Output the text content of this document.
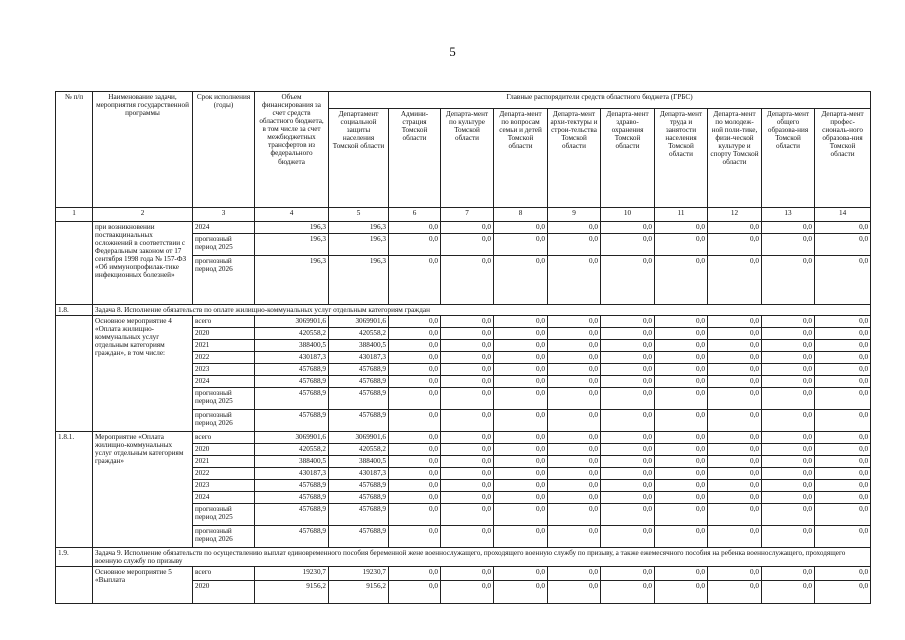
5
№ п/п	Наименование задачи, мероприятия государственной программы	Срок исполнения (годы)	Объем финансирования за счет средств областного бюджета, в том числе за счет межбюджетных трансфертов из федерального бюджета	Главные распорядители средств областного бюджета (ГРБС)									
				Департамент социальной защиты населения Томской области	Админи-страция Томской области	Департа-мент по культуре Томской области	Департа-мент по вопросам семьи и детей Томской области	Департа-мент архи-тектуры и строи-тельства Томской области	Департа-мент здраво-охранения Томской области	Департа-мент труда и занятости населения Томской области	Департа-мент по молодеж-ной поли-тике, физи-ческой культуре и спорту Томской области	Департа-мент общего образова-ния Томской области	Департа-мент профес-сиональ-ного образова-ния Томской области
1	2	3	4	5	6	7	8	9	10	11	12	13	14
	при возникновении поствакцинальных осложнений в соответствии с Федеральным законом от 17 сентября 1998 года № 157-ФЗ «Об иммунопрофилак-тике инфекционных болезней»	2024	196,3	196,3	0,0	0,0	0,0	0,0	0,0	0,0	0,0	0,0	0,0
		прогнозный период 2025	196,3	196,3	0,0	0,0	0,0	0,0	0,0	0,0	0,0	0,0	0,0
		прогнозный период 2026	196,3	196,3	0,0	0,0	0,0	0,0	0,0	0,0	0,0	0,0	0,0
1.8.	Задача 8. Исполнение обязательств по оплате жилищно-коммунальных услуг отдельным категориям граждан												
	Основное мероприятие 4 «Оплата жилищно-коммунальных услуг отдельным категориям граждан», в том числе:	всего	3069901,6	3069901,6	0,0	0,0	0,0	0,0	0,0	0,0	0,0	0,0	0,0
		2020	420558,2	420558,2	0,0	0,0	0,0	0,0	0,0	0,0	0,0	0,0	0,0
		2021	388400,5	388400,5	0,0	0,0	0,0	0,0	0,0	0,0	0,0	0,0	0,0
		2022	430187,3	430187,3	0,0	0,0	0,0	0,0	0,0	0,0	0,0	0,0	0,0
		2023	457688,9	457688,9	0,0	0,0	0,0	0,0	0,0	0,0	0,0	0,0	0,0
		2024	457688,9	457688,9	0,0	0,0	0,0	0,0	0,0	0,0	0,0	0,0	0,0
		прогнозный период 2025	457688,9	457688,9	0,0	0,0	0,0	0,0	0,0	0,0	0,0	0,0	0,0
		прогнозный период 2026	457688,9	457688,9	0,0	0,0	0,0	0,0	0,0	0,0	0,0	0,0	0,0
1.8.1.	Мероприятие «Оплата жилищно-коммунальных услуг отдельным категориям граждан»	всего	3069901,6	3069901,6	0,0	0,0	0,0	0,0	0,0	0,0	0,0	0,0	0,0
		2020	420558,2	420558,2	0,0	0,0	0,0	0,0	0,0	0,0	0,0	0,0	0,0
		2021	388400,5	388400,5	0,0	0,0	0,0	0,0	0,0	0,0	0,0	0,0	0,0
		2022	430187,3	430187,3	0,0	0,0	0,0	0,0	0,0	0,0	0,0	0,0	0,0
		2023	457688,9	457688,9	0,0	0,0	0,0	0,0	0,0	0,0	0,0	0,0	0,0
		2024	457688,9	457688,9	0,0	0,0	0,0	0,0	0,0	0,0	0,0	0,0	0,0
		прогнозный период 2025	457688,9	457688,9	0,0	0,0	0,0	0,0	0,0	0,0	0,0	0,0	0,0
		прогнозный период 2026	457688,9	457688,9	0,0	0,0	0,0	0,0	0,0	0,0	0,0	0,0	0,0
1.9.	Задача 9. Исполнение обязательств по осуществлению выплат единовременного пособия беременной жене военнослужащего, проходящего военную службу по призыву, а также ежемесячного пособия на ребенка военнослужащего, проходящего военную службу по призыву												
	Основное мероприятие 5 «Выплата	всего	19230,7	19230,7	0,0	0,0	0,0	0,0	0,0	0,0	0,0	0,0	0,0
		2020	9156,2	9156,2	0,0	0,0	0,0	0,0	0,0	0,0	0,0	0,0	0,0
